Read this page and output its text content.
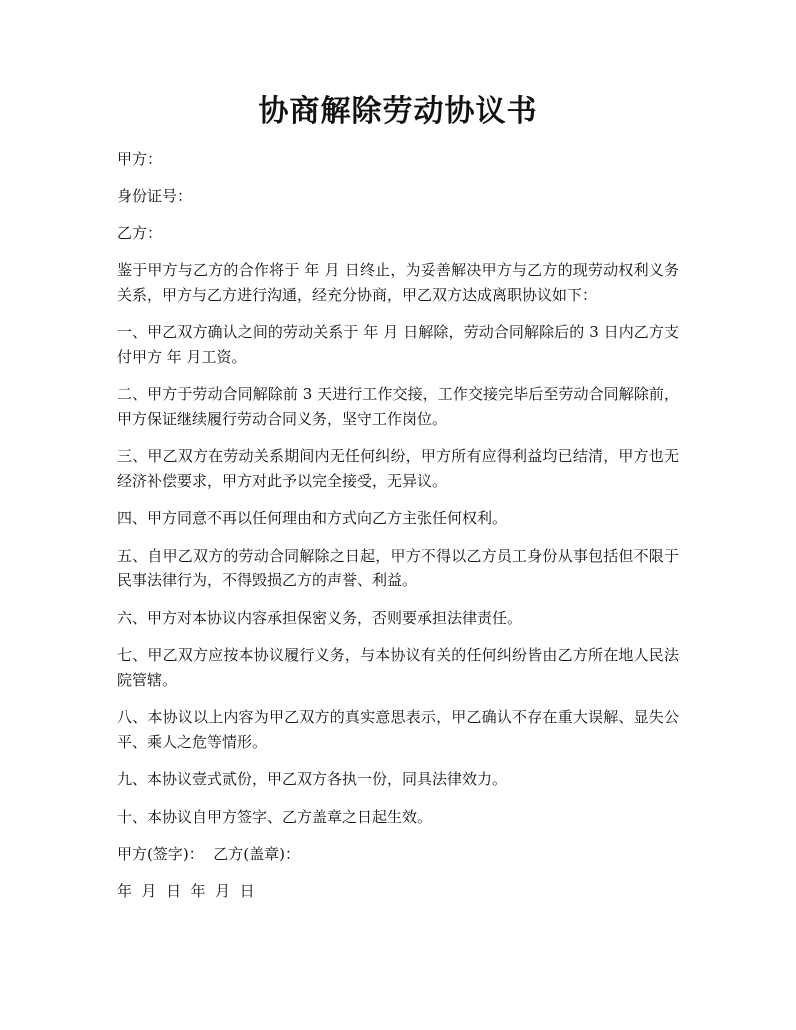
协商解除劳动协议书

甲方：

身份证号：

乙方：

鉴于甲方与乙方的合作将于 年 月 日终止，为妥善解决甲方与乙方的现劳动权利义务关系，甲方与乙方进行沟通，经充分协商，甲乙双方达成离职协议如下：

一、甲乙双方确认之间的劳动关系于 年 月 日解除，劳动合同解除后的 3 日内乙方支付甲方 年 月工资。

二、甲方于劳动合同解除前 3 天进行工作交接，工作交接完毕后至劳动合同解除前，甲方保证继续履行劳动合同义务，坚守工作岗位。

三、甲乙双方在劳动关系期间内无任何纠纷，甲方所有应得利益均已结清，甲方也无经济补偿要求，甲方对此予以完全接受，无异议。

四、甲方同意不再以任何理由和方式向乙方主张任何权利。

五、自甲乙双方的劳动合同解除之日起，甲方不得以乙方员工身份从事包括但不限于民事法律行为，不得毁损乙方的声誉、利益。

六、甲方对本协议内容承担保密义务，否则要承担法律责任。

七、甲乙双方应按本协议履行义务，与本协议有关的任何纠纷皆由乙方所在地人民法院管辖。

八、本协议以上内容为甲乙双方的真实意思表示，甲乙确认不存在重大误解、显失公平、乘人之危等情形。

九、本协议壹式贰份，甲乙双方各执一份，同具法律效力。

十、本协议自甲方签字、乙方盖章之日起生效。

甲方(签字)：  乙方(盖章)：

年  月  日  年  月  日
